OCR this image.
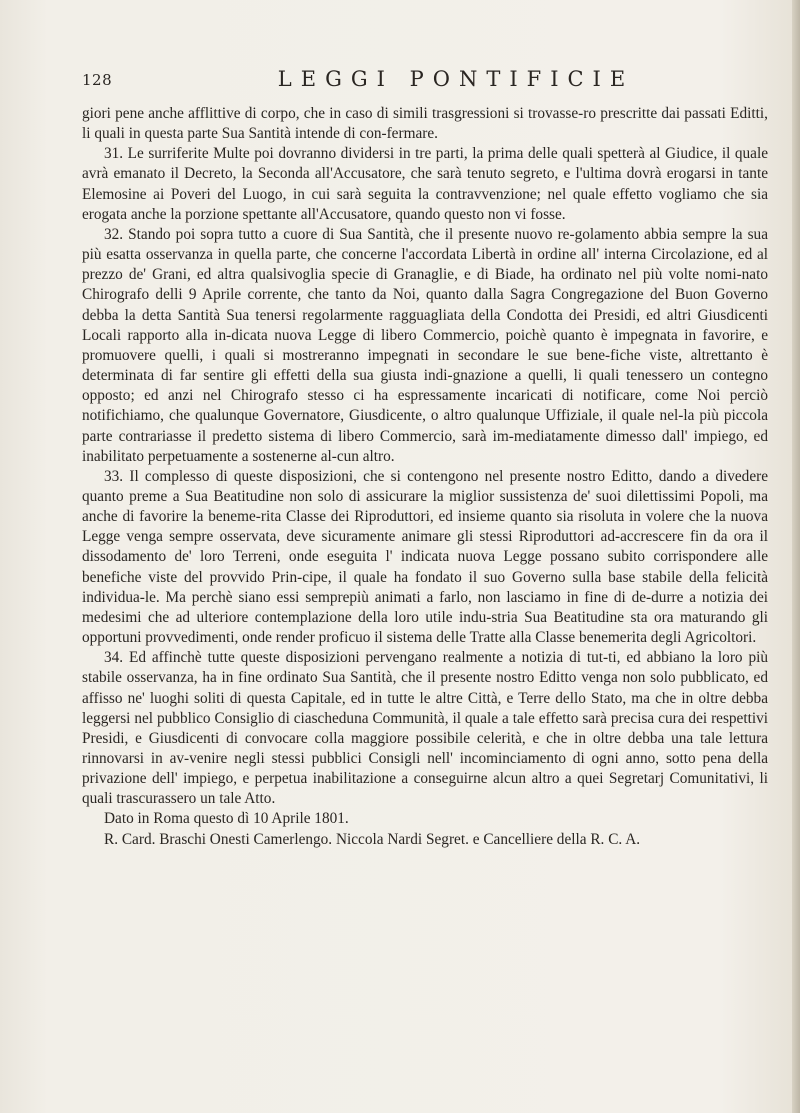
128	LEGGI PONTIFICIE

giori pene anche afflittive di corpo, che in caso di simili trasgressioni si trovasse-ro prescritte dai passati Editti, li quali in questa parte Sua Santità intende di con-fermare.

31. Le surriferite Multe poi dovranno dividersi in tre parti, la prima delle quali spetterà al Giudice, il quale avrà emanato il Decreto, la Seconda all'Accusatore, che sarà tenuto segreto, e l'ultima dovrà erogarsi in tante Elemosine ai Poveri del Luogo, in cui sarà seguita la contravvenzione; nel quale effetto vogliamo che sia erogata anche la porzione spettante all'Accusatore, quando questo non vi fosse.

32. Stando poi sopra tutto a cuore di Sua Santità, che il presente nuovo re-golamento abbia sempre la sua più esatta osservanza in quella parte, che concerne l'accordata Libertà in ordine all' interna Circolazione, ed al prezzo de' Grani, ed altra qualsivoglia specie di Granaglie, e di Biade, ha ordinato nel più volte nomi-nato Chirografo delli 9 Aprile corrente, che tanto da Noi, quanto dalla Sagra Congregazione del Buon Governo debba la detta Santità Sua tenersi regolarmente ragguagliata della Condotta dei Presidi, ed altri Giusdicenti Locali rapporto alla in-dicata nuova Legge di libero Commercio, poichè quanto è impegnata in favorire, e promuovere quelli, i quali si mostreranno impegnati in secondare le sue bene-fiche viste, altrettanto è determinata di far sentire gli effetti della sua giusta indi-gnazione a quelli, li quali tenessero un contegno opposto; ed anzi nel Chirografo stesso ci ha espressamente incaricati di notificare, come Noi perciò notifichiamo, che qualunque Governatore, Giusdicente, o altro qualunque Uffiziale, il quale nel-la più piccola parte contrariasse il predetto sistema di libero Commercio, sarà im-mediatamente dimesso dall' impiego, ed inabilitato perpetuamente a sostenerne al-cun altro.

33. Il complesso di queste disposizioni, che si contengono nel presente nostro Editto, dando a divedere quanto preme a Sua Beatitudine non solo di assicurare la miglior sussistenza de' suoi dilettissimi Popoli, ma anche di favorire la beneme-rita Classe dei Riproduttori, ed insieme quanto sia risoluta in volere che la nuova Legge venga sempre osservata, deve sicuramente animare gli stessi Riproduttori ad-accrescere fin da ora il dissodamento de' loro Terreni, onde eseguita l' indicata nuova Legge possano subito corrispondere alle benefiche viste del provvido Prin-cipe, il quale ha fondato il suo Governo sulla base stabile della felicità individua-le. Ma perchè siano essi semprepiù animati a farlo, non lasciamo in fine di de-durre a notizia dei medesimi che ad ulteriore contemplazione della loro utile indu-stria Sua Beatitudine sta ora maturando gli opportuni provvedimenti, onde render proficuo il sistema delle Tratte alla Classe benemerita degli Agricoltori.

34. Ed affinchè tutte queste disposizioni pervengano realmente a notizia di tut-ti, ed abbiano la loro più stabile osservanza, ha in fine ordinato Sua Santità, che il presente nostro Editto venga non solo pubblicato, ed affisso ne' luoghi soliti di questa Capitale, ed in tutte le altre Città, e Terre dello Stato, ma che in oltre debba leggersi nel pubblico Consiglio di ciascheduna Communità, il quale a tale effetto sarà precisa cura dei respettivi Presidi, e Giusdicenti di convocare colla maggiore possibile celerità, e che in oltre debba una tale lettura rinnovarsi in av-venire negli stessi pubblici Consigli nell' incominciamento di ogni anno, sotto pena della privazione dell' impiego, e perpetua inabilitazione a conseguirne alcun altro a quei Segretarj Comunitativi, li quali trascurassero un tale Atto.

Dato in Roma questo dì 10 Aprile 1801.

R. Card. Braschi Onesti Camerlengo. Niccola Nardi Segret. e Cancelliere della R. C. A.
